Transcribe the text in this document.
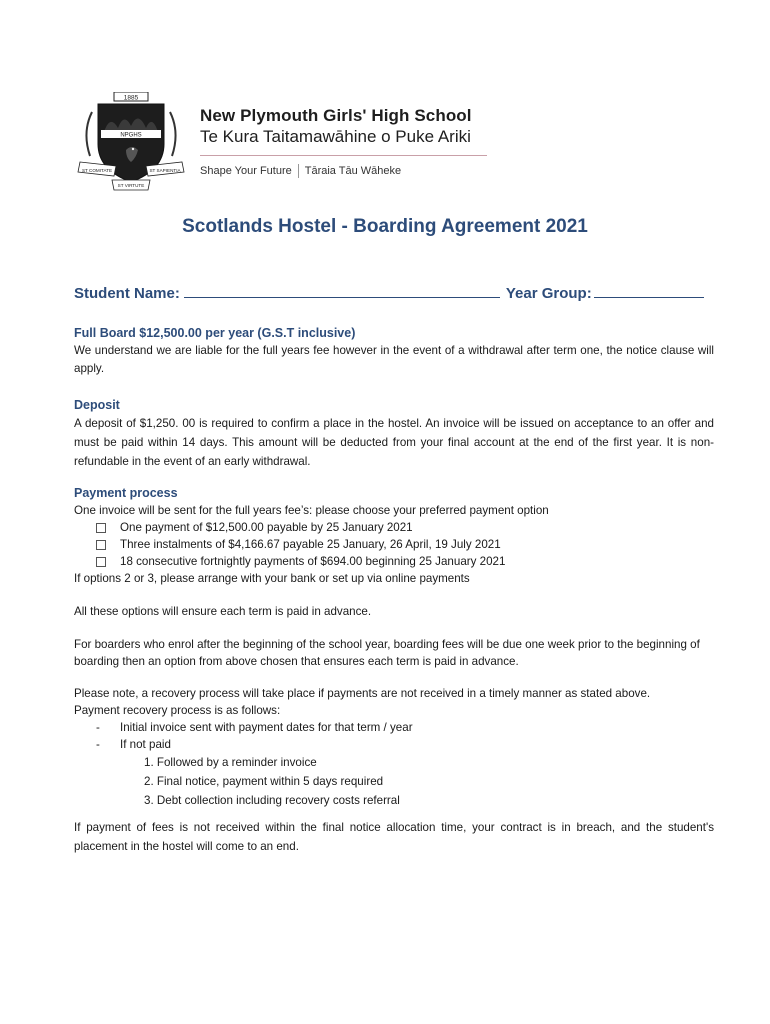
1885
NPGHS
ST COMITATE	ST SAPIENTIA
ST VIRTUTE
New Plymouth Girls' High School
Te Kura Taitamawāhine o Puke Ariki
Shape Your Future Tāraia Tāu Wāheke
Scotlands Hostel - Boarding Agreement 2021
Student Name:	Year Group:
Full Board $12,500.00 per year (G.S.T inclusive)
We understand we are liable for the full years fee however in the event of a withdrawal after term one, the notice clause will apply.
Deposit
A deposit of $1,250. 00 is required to confirm a place in the hostel. An invoice will be issued on acceptance to an offer and must be paid within 14 days. This amount will be deducted from your final account at the end of the first year. It is non-refundable in the event of an early withdrawal.
Payment process
One invoice will be sent for the full years fee’s: please choose your preferred payment option
One payment of $12,500.00 payable by 25 January 2021
Three instalments of $4,166.67 payable 25 January, 26 April, 19 July 2021
18 consecutive fortnightly payments of $694.00 beginning 25 January 2021
If options 2 or 3, please arrange with your bank or set up via online payments
All these options will ensure each term is paid in advance.
For boarders who enrol after the beginning of the school year, boarding fees will be due one week prior to the beginning of boarding then an option from above chosen that ensures each term is paid in advance.
Please note, a recovery process will take place if payments are not received in a timely manner as stated above.
Payment recovery process is as follows:
-	Initial invoice sent with payment dates for that term / year
-	If not paid
1. Followed by a reminder invoice
2. Final notice, payment within 5 days required
3. Debt collection including recovery costs referral
If payment of fees is not received within the final notice allocation time, your contract is in breach, and the student's placement in the hostel will come to an end.
